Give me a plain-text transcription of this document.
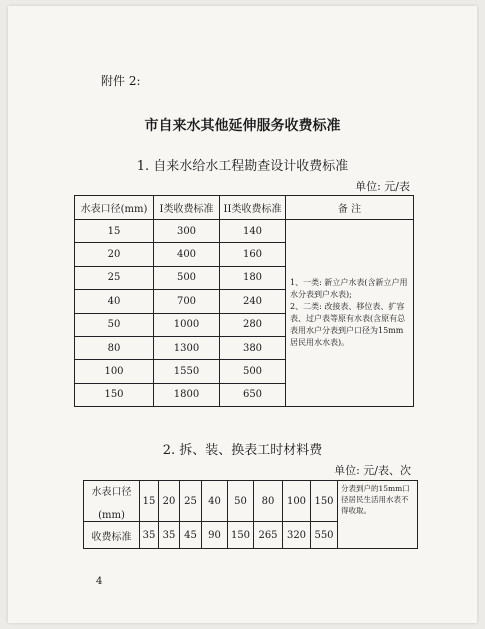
附件 2:
市自来水其他延伸服务收费标准
1. 自来水给水工程勘查设计收费标准
单位: 元/表
水表口径(mm)	I类收费标准	II类收费标准	备 注
15	300	140	1、一类: 新立户水表(含新立户用水分表到户水表);
2、二类: 改接表、移位表、扩容表、过户表等原有水表(含原有总表用水户分表到户口径为15mm居民用水水表)。
20	400	160	
25	500	180	
40	700	240	
50	1000	280	
80	1300	380	
100	1550	500	
150	1800	650	
2. 拆、装、换表工时材料费
单位: 元/表、次
水表口径
(mm)	15	20	25	40	50	80	100	150	分表到户的15mm口径居民生活用水表不得收取。
收费标准	35	35	45	90	150	265	320	550	
4
